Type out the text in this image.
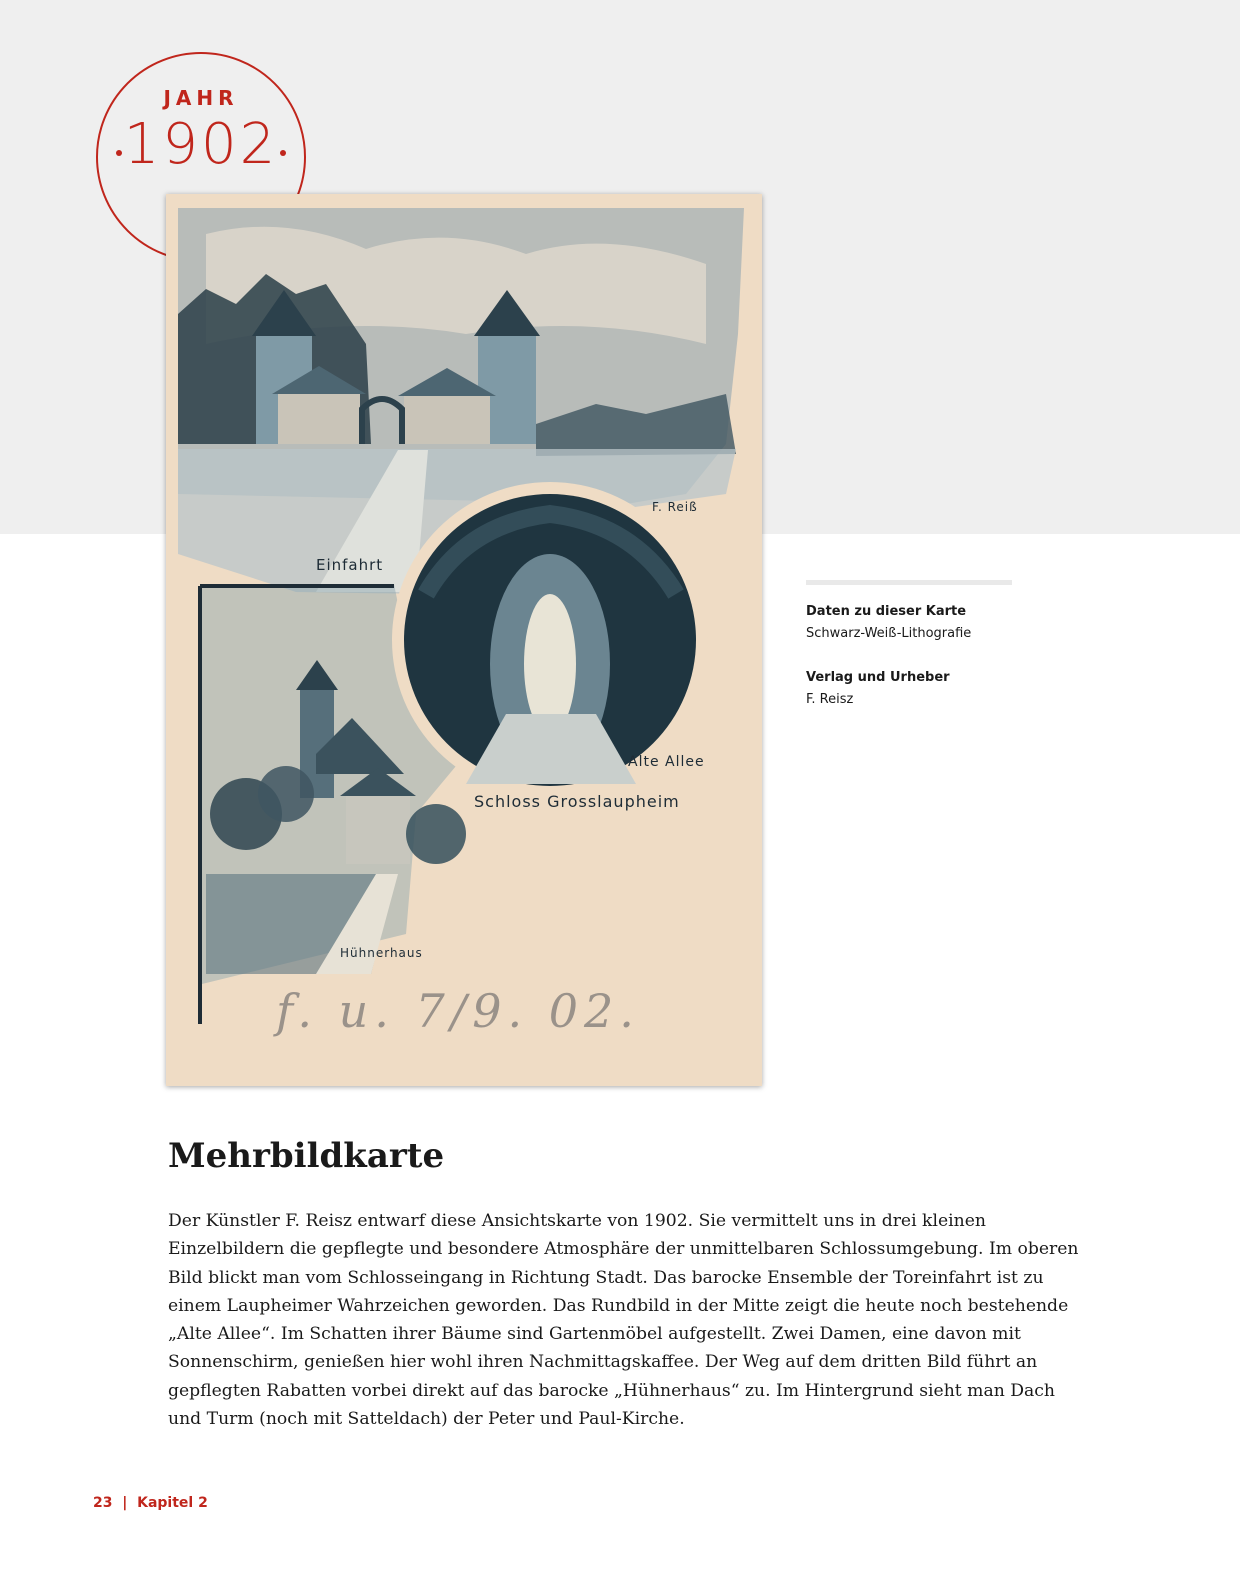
JAHR
1902
Einfahrt
F. Reiß
Alte Allee
Schloss Grosslaupheim
Hühnerhaus
f. u. 7/9. 02.
Daten zu dieser Karte
Schwarz-Weiß-Lithografie
Verlag und Urheber
F. Reisz
Mehrbildkarte

Der Künstler F. Reisz entwarf diese Ansichtskarte von 1902. Sie vermittelt uns in drei kleinen Einzelbildern die gepflegte und besondere Atmosphäre der unmittelbaren Schlossumgebung. Im oberen Bild blickt man vom Schlosseingang in Richtung Stadt. Das barocke Ensemble der Toreinfahrt ist zu einem Laupheimer Wahrzeichen geworden. Das Rundbild in der Mitte zeigt die heute noch bestehende „Alte Allee“. Im Schatten ihrer Bäume sind Gartenmöbel aufgestellt. Zwei Damen, eine davon mit Sonnenschirm, genießen hier wohl ihren Nachmittagskaffee. Der Weg auf dem dritten Bild führt an gepflegten Rabatten vorbei direkt auf das barocke „Hühnerhaus“ zu. Im Hintergrund sieht man Dach und Turm (noch mit Satteldach) der Peter und Paul-Kirche.

23 | Kapitel 2
